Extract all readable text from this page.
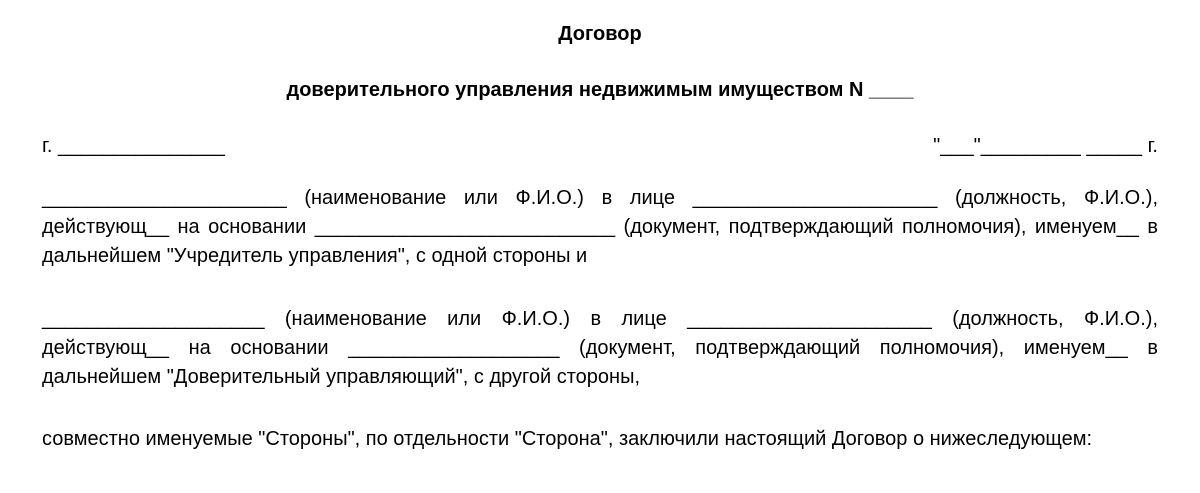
Договор

доверительного управления недвижимым имуществом N ____

г. _______________	"___"_________ _____ г.

______________________ (наименование или Ф.И.О.) в лице ______________________ (должность, Ф.И.О.), действующ__ на основании ___________________________ (документ, подтверждающий полномочия), именуем__ в дальнейшем "Учредитель управления", с одной стороны и

____________________ (наименование или Ф.И.О.) в лице ______________________ (должность, Ф.И.О.), действующ__ на основании ___________________ (документ, подтверждающий полномочия), именуем__ в дальнейшем "Доверительный управляющий", с другой стороны,

совместно именуемые "Стороны", по отдельности "Сторона", заключили настоящий Договор о нижеследующем:
